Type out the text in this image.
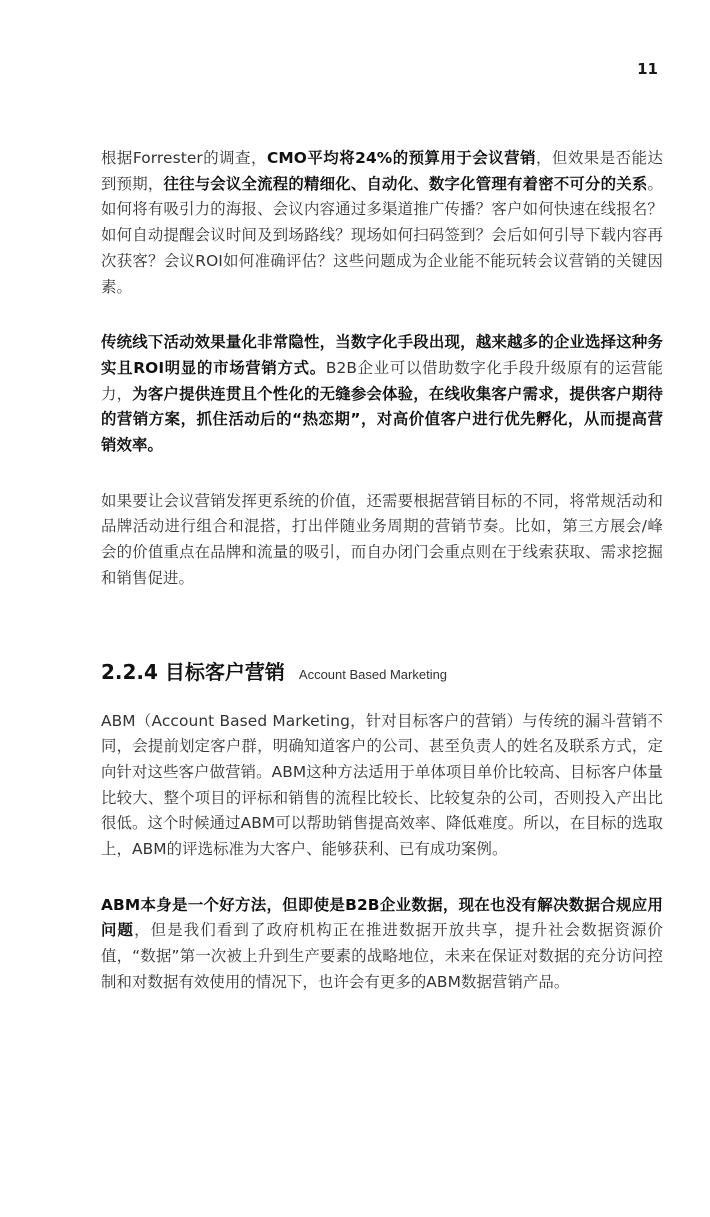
11

根据Forrester的调查，CMO平均将24%的预算用于会议营销，但效果是否能达到预期，往往与会议全流程的精细化、自动化、数字化管理有着密不可分的关系。如何将有吸引力的海报、会议内容通过多渠道推广传播？客户如何快速在线报名？如何自动提醒会议时间及到场路线？现场如何扫码签到？会后如何引导下载内容再次获客？会议ROI如何准确评估？这些问题成为企业能不能玩转会议营销的关键因素。

传统线下活动效果量化非常隐性，当数字化手段出现，越来越多的企业选择这种务实且ROI明显的市场营销方式。B2B企业可以借助数字化手段升级原有的运营能力，为客户提供连贯且个性化的无缝参会体验，在线收集客户需求，提供客户期待的营销方案，抓住活动后的“热恋期”，对高价值客户进行优先孵化，从而提高营销效率。

如果要让会议营销发挥更系统的价值，还需要根据营销目标的不同，将常规活动和品牌活动进行组合和混搭，打出伴随业务周期的营销节奏。比如，第三方展会/峰会的价值重点在品牌和流量的吸引，而自办闭门会重点则在于线索获取、需求挖掘和销售促进。

2.2.4 目标客户营销 Account Based Marketing

ABM（Account Based Marketing，针对目标客户的营销）与传统的漏斗营销不同，会提前划定客户群，明确知道客户的公司、甚至负责人的姓名及联系方式，定向针对这些客户做营销。ABM这种方法适用于单体项目单价比较高、目标客户体量比较大、整个项目的评标和销售的流程比较长、比较复杂的公司，否则投入产出比很低。这个时候通过ABM可以帮助销售提高效率、降低难度。所以，在目标的选取上，ABM的评选标准为大客户、能够获利、已有成功案例。

ABM本身是一个好方法，但即使是B2B企业数据，现在也没有解决数据合规应用问题，但是我们看到了政府机构正在推进数据开放共享，提升社会数据资源价值，“数据”第一次被上升到生产要素的战略地位，未来在保证对数据的充分访问控制和对数据有效使用的情况下，也许会有更多的ABM数据营销产品。
